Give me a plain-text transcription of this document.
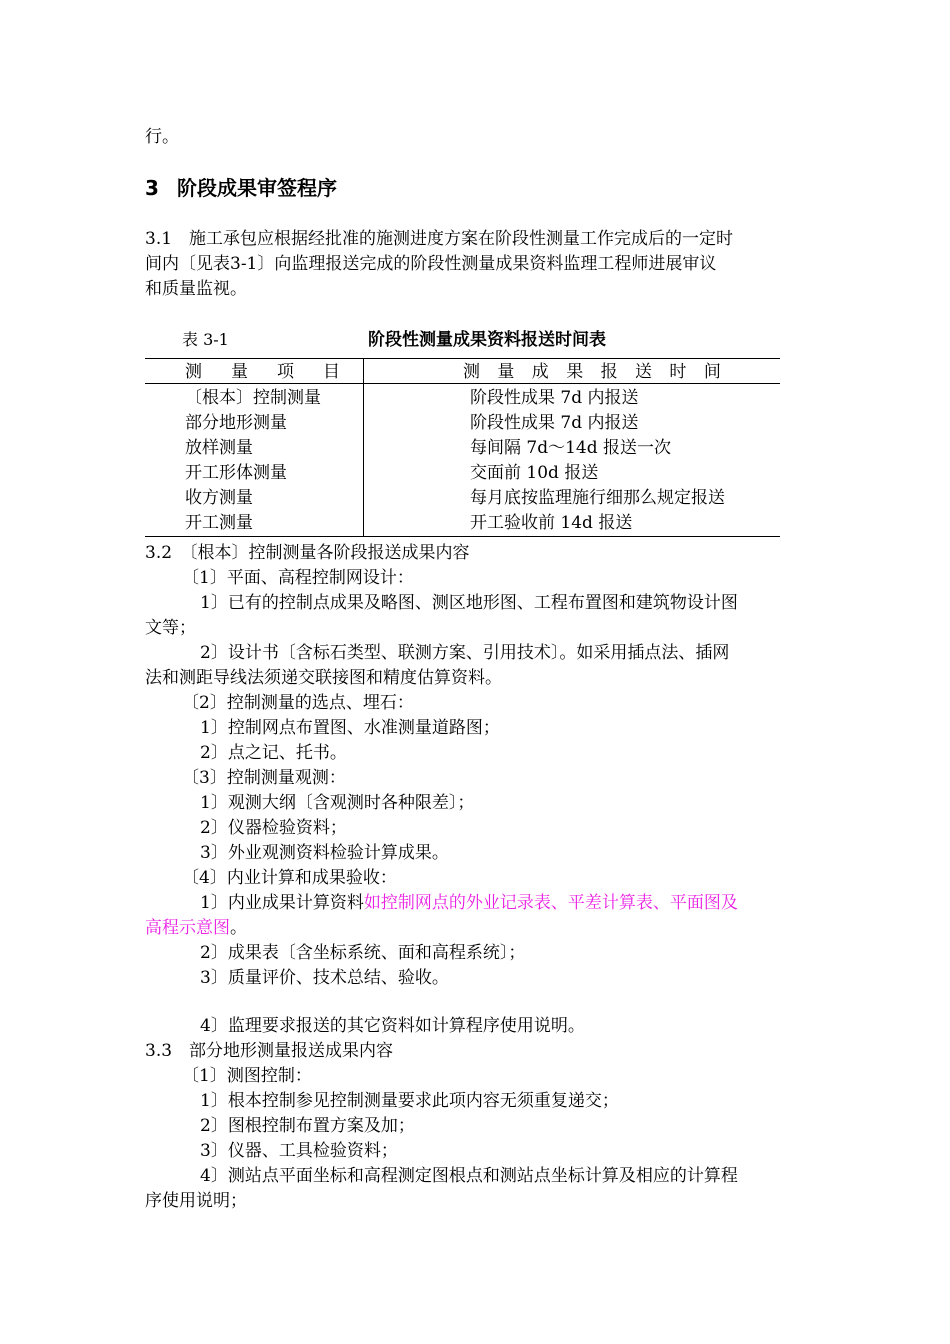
行。
3 阶段成果审签程序
3.1　施工承包应根据经批准的施测进度方案在阶段性测量工作完成后的一定时
间内〔见表3-1〕向监理报送完成的阶段性测量成果资料监理工程师进展审议
和质量监视。
表 3-1	阶段性测量成果资料报送时间表
测　量　项　目	测 量 成 果 报 送 时 间
〔根本〕控制测量	阶段性成果 7d 内报送
部分地形测量	阶段性成果 7d 内报送
放样测量	每间隔 7d～14d 报送一次
开工形体测量	交面前 10d 报送
收方测量	每月底按监理施行细那么规定报送
开工测量	开工验收前 14d 报送
3.2　〔根本〕控制测量各阶段报送成果内容
〔1〕平面、高程控制网设计：
1〕已有的控制点成果及略图、测区地形图、工程布置图和建筑物设计图
文等；
2〕设计书〔含标石类型、联测方案、引用技术〕。如采用插点法、插网
法和测距导线法须递交联接图和精度估算资料。
〔2〕控制测量的选点、埋石：
1〕控制网点布置图、水准测量道路图；
2〕点之记、托书。
〔3〕控制测量观测：
1〕观测大纲〔含观测时各种限差〕；
2〕仪器检验资料；
3〕外业观测资料检验计算成果。
〔4〕内业计算和成果验收：
1〕内业成果计算资料如控制网点的外业记录表、平差计算表、平面图及
高程示意图。
2〕成果表〔含坐标系统、面和高程系统〕；
3〕质量评价、技术总结、验收。
4〕监理要求报送的其它资料如计算程序使用说明。
3.3　部分地形测量报送成果内容
〔1〕测图控制：
1〕根本控制参见控制测量要求此项内容无须重复递交；
2〕图根控制布置方案及加；
3〕仪器、工具检验资料；
4〕测站点平面坐标和高程测定图根点和测站点坐标计算及相应的计算程
序使用说明；
